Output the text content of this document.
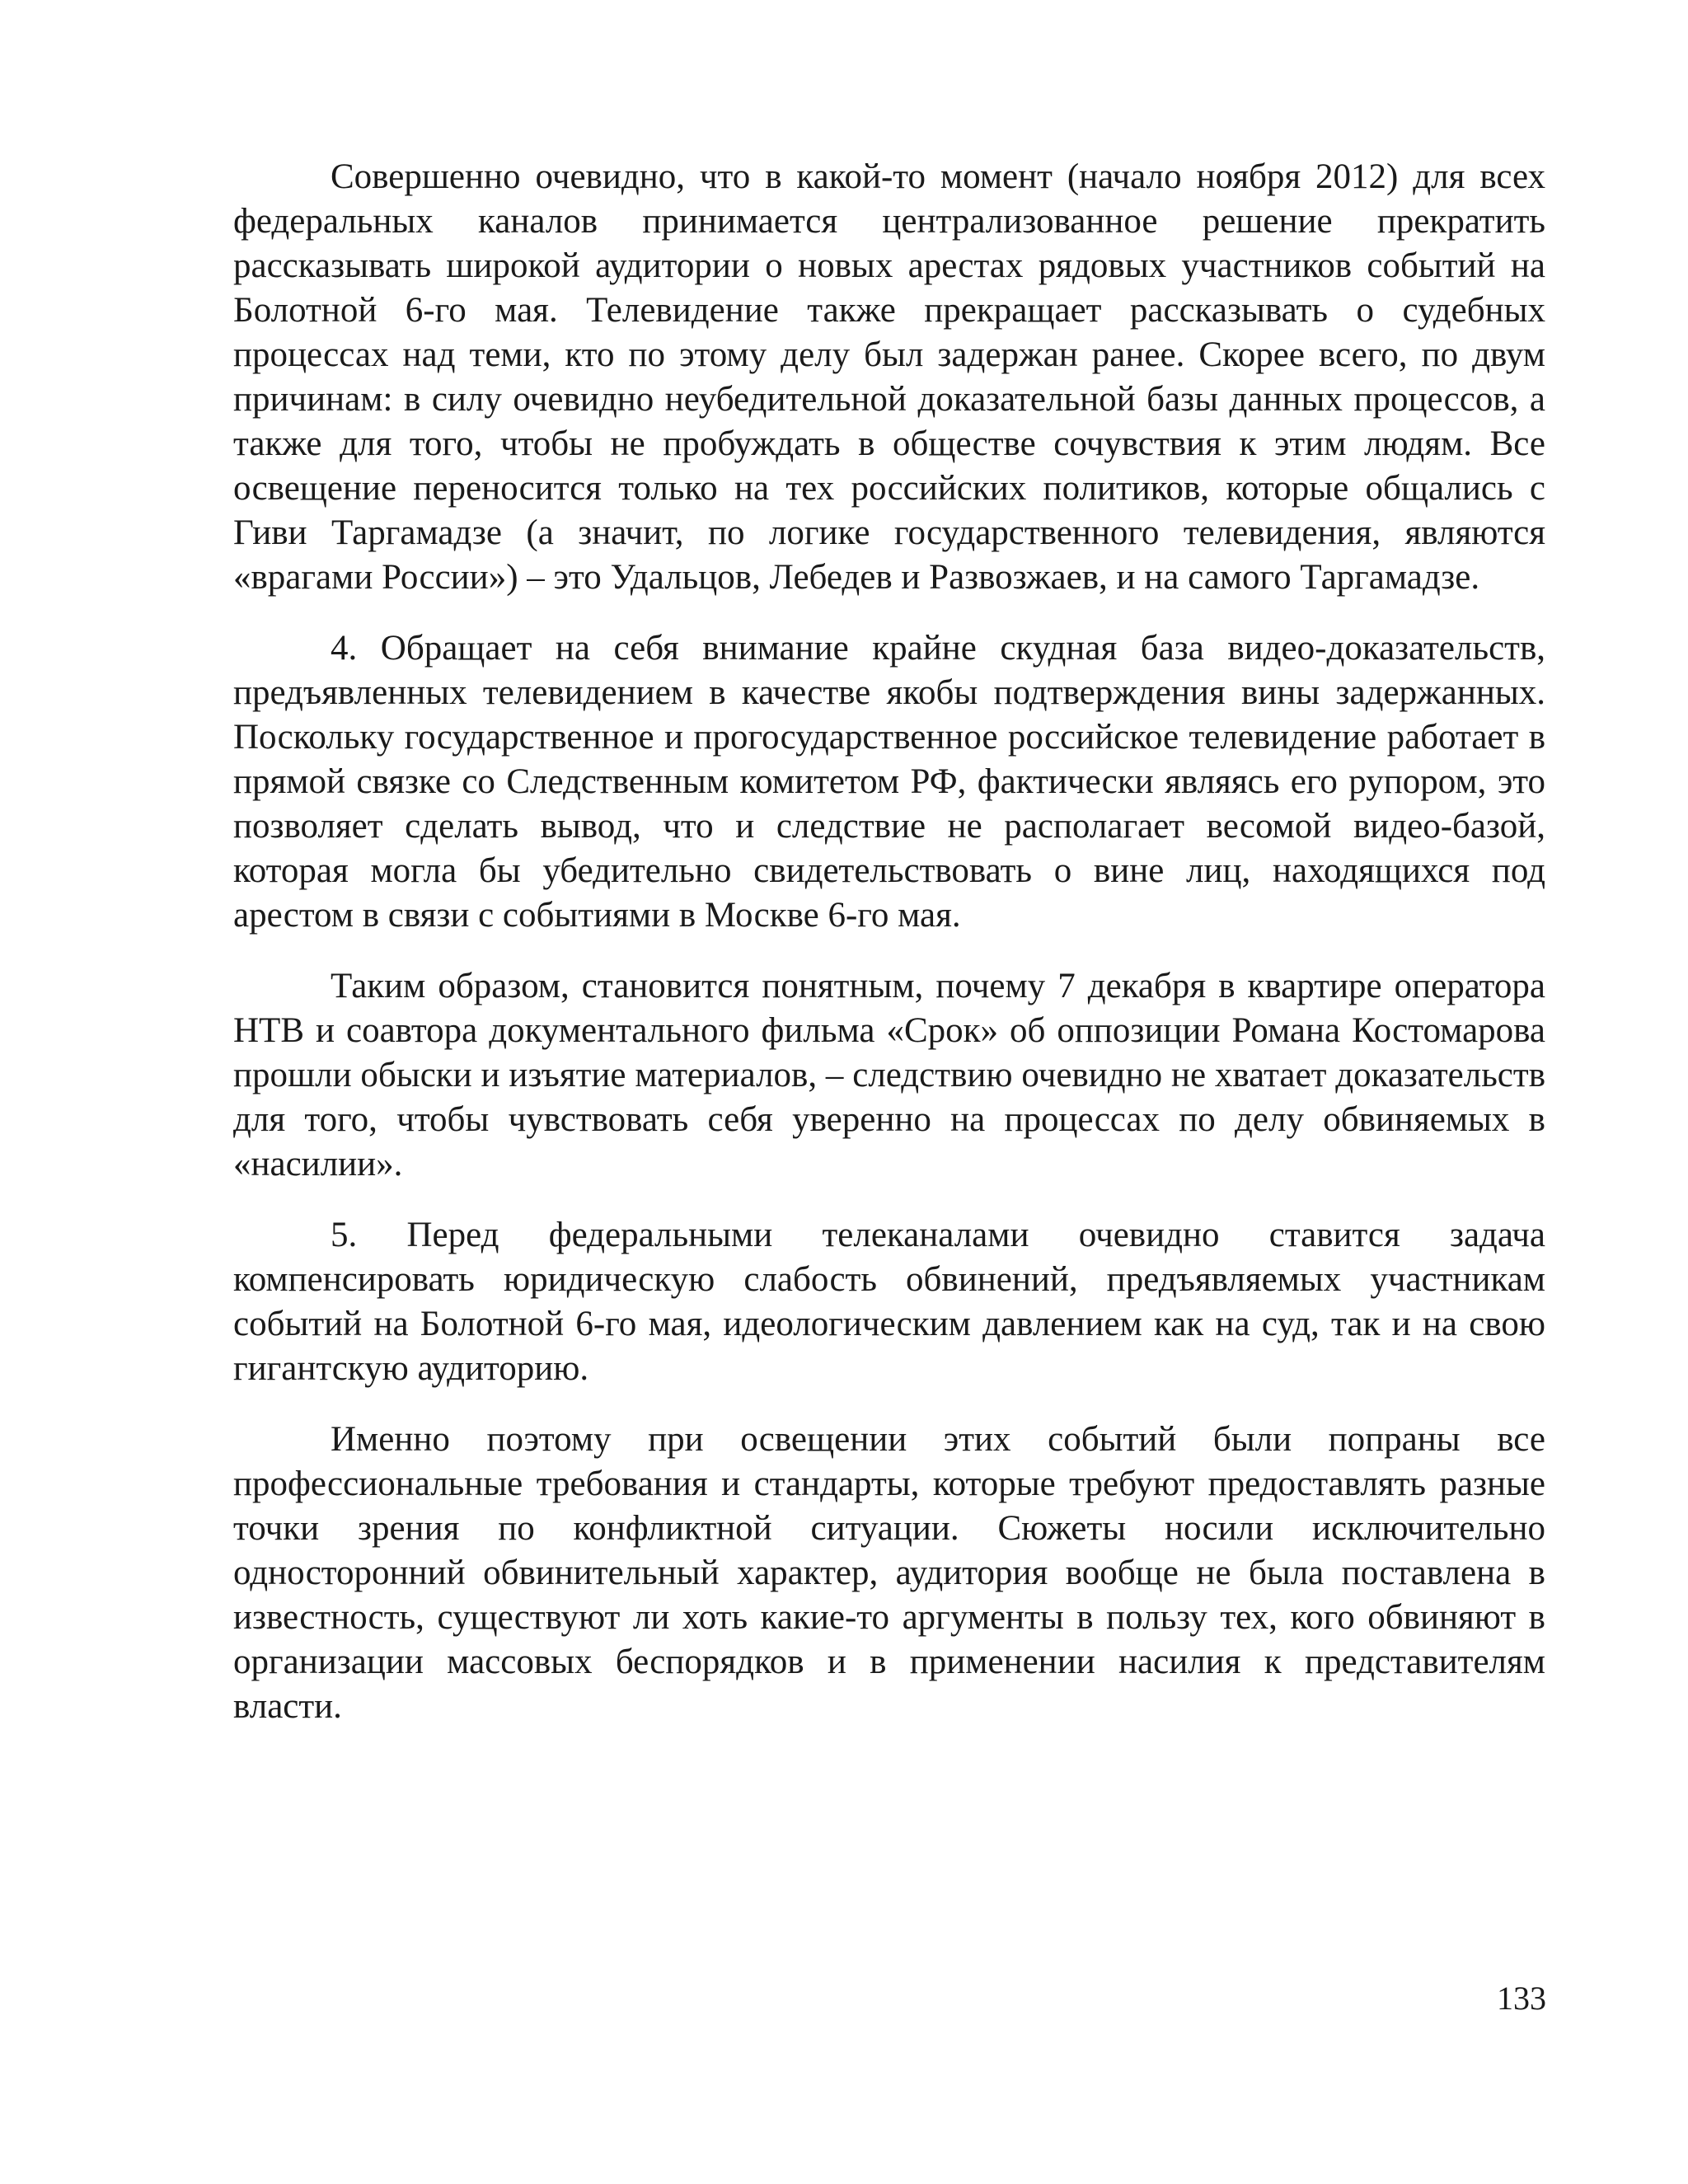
Совершенно очевидно, что в какой-то момент (начало ноября 2012) для всех федеральных каналов принимается централизованное решение прекратить рассказывать широкой аудитории о новых арестах рядовых участников событий на Болотной 6-го мая. Телевидение также прекращает рассказывать о судебных процессах над теми, кто по этому делу был задержан ранее. Скорее всего, по двум причинам: в силу очевидно неубедительной доказательной базы данных процессов, а также для того, чтобы не пробуждать в обществе сочувствия к этим людям. Все освещение переносится только на тех российских политиков, которые общались с Гиви Таргамадзе (а значит, по логике государственного телевидения, являются «врагами России») – это Удальцов, Лебедев и Развозжаев, и на самого Таргамадзе.

4. Обращает на себя внимание крайне скудная база видео-доказательств, предъявленных телевидением в качестве якобы подтверждения вины задержанных. Поскольку государственное и прогосударственное российское телевидение работает в прямой связке со Следственным комитетом РФ, фактически являясь его рупором, это позволяет сделать вывод, что и следствие не располагает весомой видео-базой, которая могла бы убедительно свидетельствовать о вине лиц, находящихся под арестом в связи с событиями в Москве 6-го мая.

Таким образом, становится понятным, почему 7 декабря в квартире оператора НТВ и соавтора документального фильма «Срок» об оппозиции Романа Костомарова прошли обыски и изъятие материалов, – следствию очевидно не хватает доказательств для того, чтобы чувствовать себя уверенно на процессах по делу обвиняемых в «насилии».

5. Перед федеральными телеканалами очевидно ставится задача компенсировать юридическую слабость обвинений, предъявляемых участникам событий на Болотной 6-го мая, идеологическим давлением как на суд, так и на свою гигантскую аудиторию.

Именно поэтому при освещении этих событий были попраны все профессиональные требования и стандарты, которые требуют предоставлять разные точки зрения по конфликтной ситуации. Сюжеты носили исключительно односторонний обвинительный характер, аудитория вообще не была поставлена в известность, существуют ли хоть какие-то аргументы в пользу тех, кого обвиняют в организации массовых беспорядков и в применении насилия к представителям власти.

133
